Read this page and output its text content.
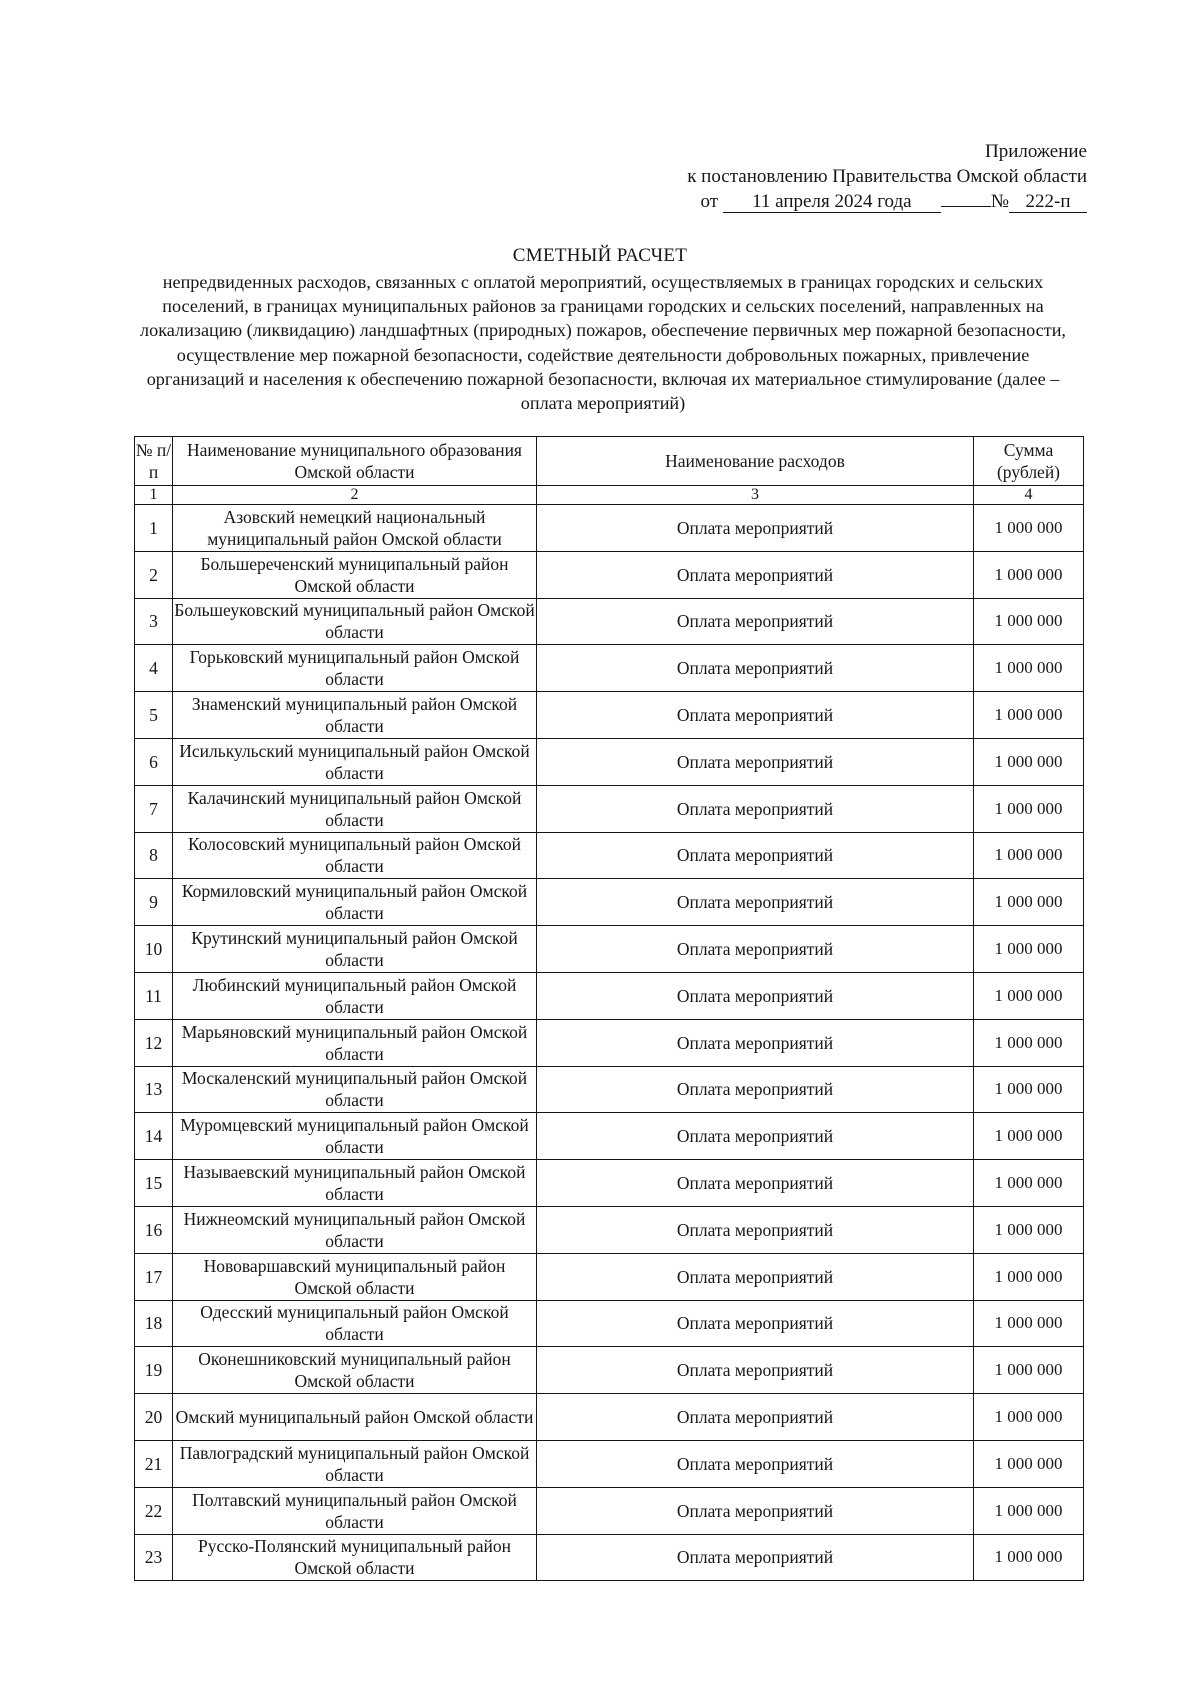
Приложение
к постановлению Правительства Омской области
от 11 апреля 2024 года	№ 222-п
СМЕТНЫЙ РАСЧЕТ
непредвиденных расходов, связанных с оплатой мероприятий, осуществляемых в границах городских и сельских поселений, в границах муниципальных районов за границами городских и сельских поселений, направленных на локализацию (ликвидацию) ландшафтных (природных) пожаров, обеспечение первичных мер пожарной безопасности, осуществление мер пожарной безопасности, содействие деятельности добровольных пожарных, привлечение организаций и населения к обеспечению пожарной безопасности, включая их материальное стимулирование (далее – оплата мероприятий)
№ п/п	Наименование муниципального образования Омской области	Наименование расходов	Сумма (рублей)
1	2	3	4
1	Азовский немецкий национальный муниципальный район Омской области	Оплата мероприятий	1 000 000
2	Большереченский муниципальный район Омской области	Оплата мероприятий	1 000 000
3	Большеуковский муниципальный район Омской области	Оплата мероприятий	1 000 000
4	Горьковский муниципальный район Омской области	Оплата мероприятий	1 000 000
5	Знаменский муниципальный район Омской области	Оплата мероприятий	1 000 000
6	Исилькульский муниципальный район Омской области	Оплата мероприятий	1 000 000
7	Калачинский муниципальный район Омской области	Оплата мероприятий	1 000 000
8	Колосовский муниципальный район Омской области	Оплата мероприятий	1 000 000
9	Кормиловский муниципальный район Омской области	Оплата мероприятий	1 000 000
10	Крутинский муниципальный район Омской области	Оплата мероприятий	1 000 000
11	Любинский муниципальный район Омской области	Оплата мероприятий	1 000 000
12	Марьяновский муниципальный район Омской области	Оплата мероприятий	1 000 000
13	Москаленский муниципальный район Омской области	Оплата мероприятий	1 000 000
14	Муромцевский муниципальный район Омской области	Оплата мероприятий	1 000 000
15	Называевский муниципальный район Омской области	Оплата мероприятий	1 000 000
16	Нижнеомский муниципальный район Омской области	Оплата мероприятий	1 000 000
17	Нововаршавский муниципальный район Омской области	Оплата мероприятий	1 000 000
18	Одесский муниципальный район Омской области	Оплата мероприятий	1 000 000
19	Оконешниковский муниципальный район Омской области	Оплата мероприятий	1 000 000
20	Омский муниципальный район Омской области	Оплата мероприятий	1 000 000
21	Павлоградский муниципальный район Омской области	Оплата мероприятий	1 000 000
22	Полтавский муниципальный район Омской области	Оплата мероприятий	1 000 000
23	Русско-Полянский муниципальный район Омской области	Оплата мероприятий	1 000 000
